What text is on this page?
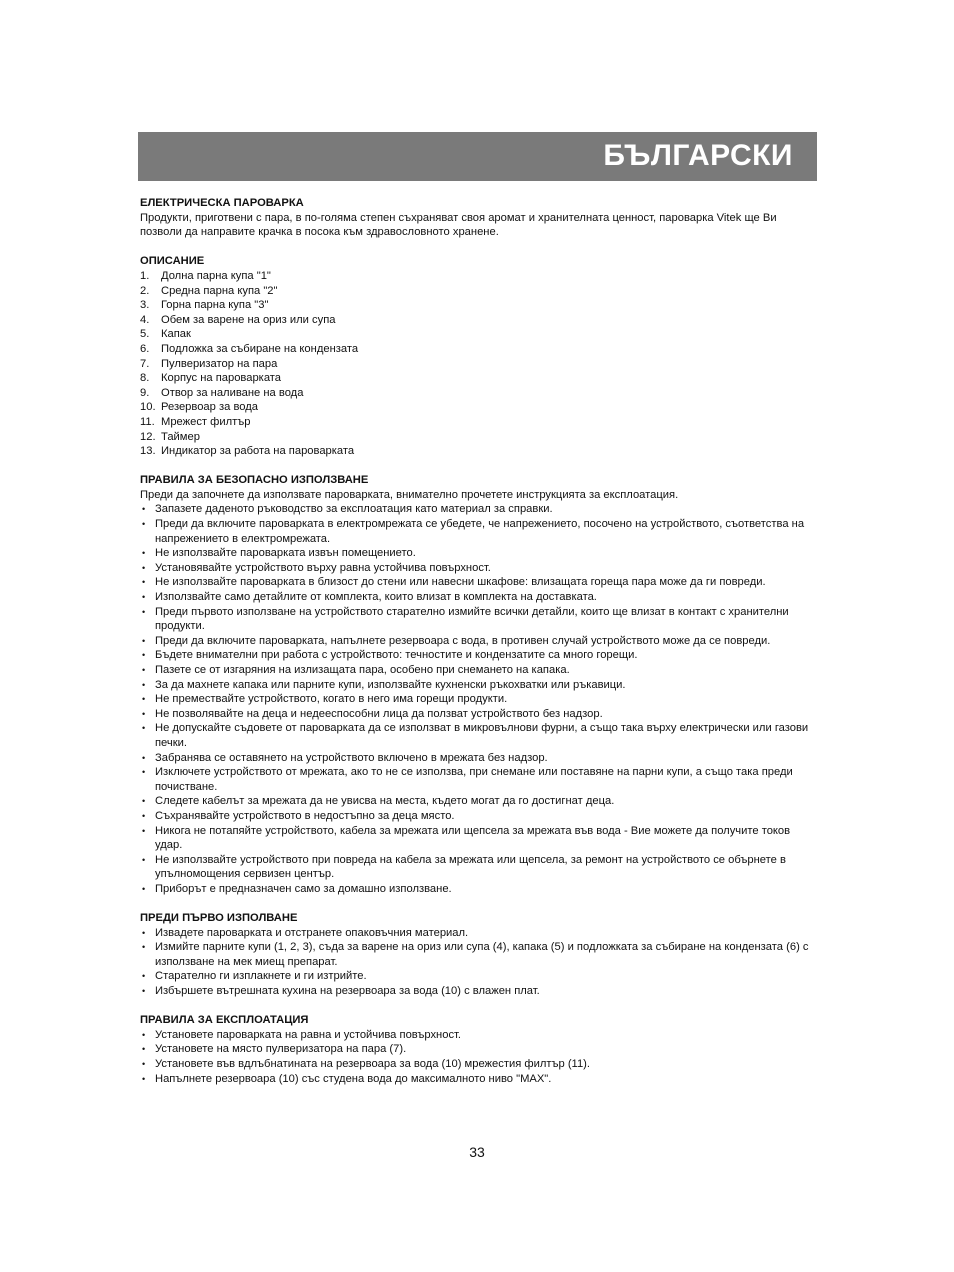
БЪЛГАРСКИ

ЕЛЕКТРИЧЕСКА ПАРОВАРКА

Продукти, приготвени с пара, в по-голяма степен съхраняват своя аромат и хранителната ценност, пароварка Vitek ще Ви позволи да направите крачка в посока към здравословното хранене.

ОПИСАНИЕ

1. Долна парна купа "1"
2. Средна парна купа "2"
3. Горна парна купа "3"
4. Обем за варене на ориз или супа
5. Капак
6. Подложка за събиране на кондензата
7. Пулверизатор на пара
8. Корпус на пароварката
9. Отвор за наливане на вода
10. Резервоар за вода
11. Мрежест филтър
12. Таймер
13. Индикатор за работа на пароварката

ПРАВИЛА ЗА БЕЗОПАСНО ИЗПОЛЗВАНЕ

Преди да започнете да използвате пароварката, внимателно прочетете инструкцията за експлоатация.

• Запазете даденото ръководство за експлоатация като материал за справки.
• Преди да включите пароварката в електромрежата се убедете, че напрежението, посочено на устройството, съответства на напрежението в електромрежата.
• Не използвайте пароварката извън помещението.
• Установявайте устройството върху равна устойчива повърхност.
• Не използвайте пароварката в близост до стени или навесни шкафове: влизащата гореща пара може да ги повреди.
• Използвайте само детайлите от комплекта, които влизат в комплекта на доставката.
• Преди първото използване на устройството старателно измийте всички детайли, които ще влизат в контакт с хранителни продукти.
• Преди да включите пароварката, напълнете резервоара с вода, в противен случай устройството може да се повреди.
• Бъдете внимателни при работа с устройството: течностите и кондензатите са много горещи.
• Пазете се от изгаряния на излизащата пара, особено при снемането на капака.
• За да махнете капака или парните купи, използвайте кухненски ръкохватки или ръкавици.
• Не премествайте устройството, когато в него има горещи продукти.
• Не позволявайте на деца и недееспособни лица да ползват устройството без надзор.
• Не допускайте съдовете от пароварката да се използват в микровълнови фурни, а също така върху електрически или газови печки.
• Забранява се оставянето на устройството включено в мрежата без надзор.
• Изключете устройството от мрежата, ако то не се използва, при снемане или поставяне на парни купи, а също така преди почистване.
• Следете кабелът за мрежата да не увисва на места, където могат да го достигнат деца.
• Съхранявайте устройството в недостъпно за деца място.
• Никога не потапяйте устройството, кабела за мрежата или щепсела за мрежата във вода - Вие можете да получите токов удар.
• Не използвайте устройството при повреда на кабела за мрежата или щепсела, за ремонт на устройството се обърнете в упълномощения сервизен център.
• Приборът е предназначен само за домашно използване.

ПРЕДИ ПЪРВО ИЗПОЛВАНЕ

• Извадете пароварката и отстранете опаковъчния материал.
• Измийте парните купи (1, 2, 3), съда за варене на ориз или супа (4), капака (5) и подложката за събиране на кондензата (6) с използване на мек миещ препарат.
• Старателно ги изплакнете и ги изтрийте.
• Избършете вътрешната кухина на резервоара за вода (10) с влажен плат.

ПРАВИЛА ЗА ЕКСПЛОАТАЦИЯ

• Установете пароварката на равна и устойчива повърхност.
• Установете на място пулверизатора на пара (7).
• Установете във вдлъбнатината на резервоара за вода (10) мрежестия филтър (11).
• Напълнете резервоара (10) със студена вода до максималното ниво "MAX".
33
